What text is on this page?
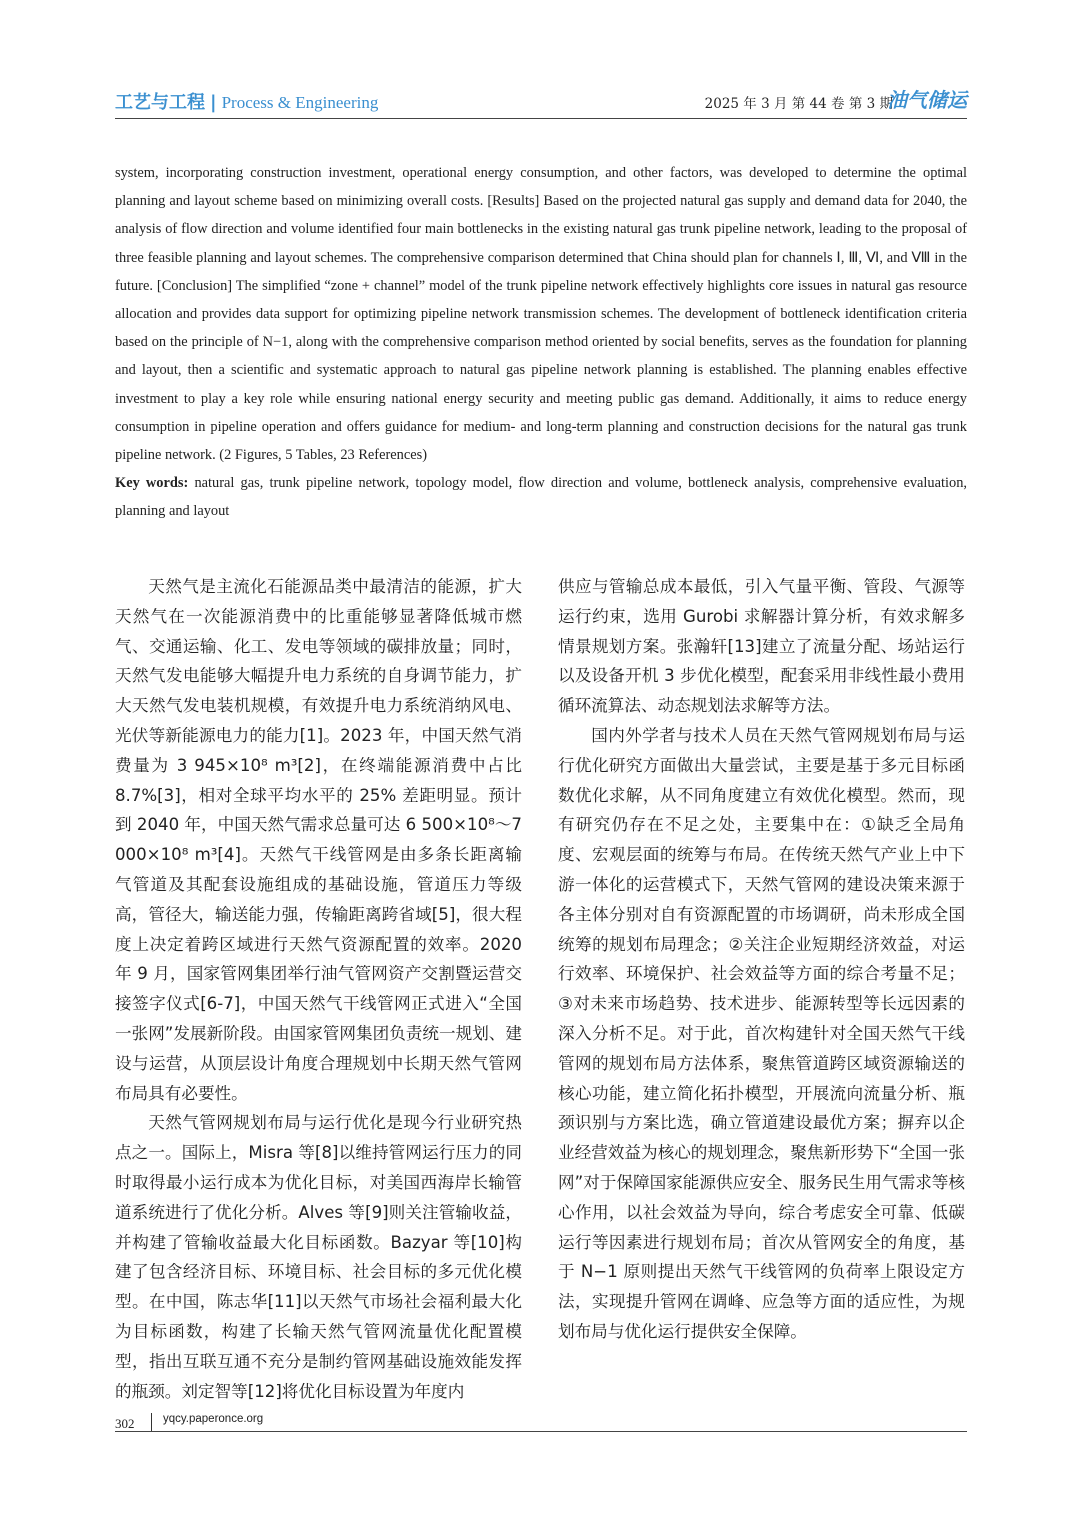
工艺与工程 | Process & Engineering	2025 年 3 月 第 44 卷 第 3 期
油气储运

system, incorporating construction investment, operational energy consumption, and other factors, was developed to determine the optimal planning and layout scheme based on minimizing overall costs. [Results] Based on the projected natural gas supply and demand data for 2040, the analysis of flow direction and volume identified four main bottlenecks in the existing natural gas trunk pipeline network, leading to the proposal of three feasible planning and layout schemes. The comprehensive comparison determined that China should plan for channels Ⅰ, Ⅲ, Ⅵ, and Ⅷ in the future. [Conclusion] The simplified “zone + channel” model of the trunk pipeline network effectively highlights core issues in natural gas resource allocation and provides data support for optimizing pipeline network transmission schemes. The development of bottleneck identification criteria based on the principle of N−1, along with the comprehensive comparison method oriented by social benefits, serves as the foundation for planning and layout, then a scientific and systematic approach to natural gas pipeline network planning is established. The planning enables effective investment to play a key role while ensuring national energy security and meeting public gas demand. Additionally, it aims to reduce energy consumption in pipeline operation and offers guidance for medium- and long-term planning and construction decisions for the natural gas trunk pipeline network. (2 Figures, 5 Tables, 23 References)

Key words: natural gas, trunk pipeline network, topology model, flow direction and volume, bottleneck analysis, comprehensive evaluation, planning and layout

天然气是主流化石能源品类中最清洁的能源，扩大天然气在一次能源消费中的比重能够显著降低城市燃气、交通运输、化工、发电等领域的碳排放量；同时，天然气发电能够大幅提升电力系统的自身调节能力，扩大天然气发电装机规模，有效提升电力系统消纳风电、光伏等新能源电力的能力[1]。2023 年，中国天然气消费量为 3 945×10⁸ m³[2]，在终端能源消费中占比 8.7%[3]，相对全球平均水平的 25% 差距明显。预计到 2040 年，中国天然气需求总量可达 6 500×10⁸～7 000×10⁸ m³[4]。天然气干线管网是由多条长距离输气管道及其配套设施组成的基础设施，管道压力等级高，管径大，输送能力强，传输距离跨省域[5]，很大程度上决定着跨区域进行天然气资源配置的效率。2020 年 9 月，国家管网集团举行油气管网资产交割暨运营交接签字仪式[6-7]，中国天然气干线管网正式进入“全国一张网”发展新阶段。由国家管网集团负责统一规划、建设与运营，从顶层设计角度合理规划中长期天然气管网布局具有必要性。

天然气管网规划布局与运行优化是现今行业研究热点之一。国际上，Misra 等[8]以维持管网运行压力的同时取得最小运行成本为优化目标，对美国西海岸长输管道系统进行了优化分析。Alves 等[9]则关注管输收益，并构建了管输收益最大化目标函数。Bazyar 等[10]构建了包含经济目标、环境目标、社会目标的多元优化模型。在中国，陈志华[11]以天然气市场社会福利最大化为目标函数，构建了长输天然气管网流量优化配置模型，指出互联互通不充分是制约管网基础设施效能发挥的瓶颈。刘定智等[12]将优化目标设置为年度内

供应与管输总成本最低，引入气量平衡、管段、气源等运行约束，选用 Gurobi 求解器计算分析，有效求解多情景规划方案。张瀚轩[13]建立了流量分配、场站运行以及设备开机 3 步优化模型，配套采用非线性最小费用循环流算法、动态规划法求解等方法。

国内外学者与技术人员在天然气管网规划布局与运行优化研究方面做出大量尝试，主要是基于多元目标函数优化求解，从不同角度建立有效优化模型。然而，现有研究仍存在不足之处，主要集中在：①缺乏全局角度、宏观层面的统筹与布局。在传统天然气产业上中下游一体化的运营模式下，天然气管网的建设决策来源于各主体分别对自有资源配置的市场调研，尚未形成全国统筹的规划布局理念；②关注企业短期经济效益，对运行效率、环境保护、社会效益等方面的综合考量不足；③对未来市场趋势、技术进步、能源转型等长远因素的深入分析不足。对于此，首次构建针对全国天然气干线管网的规划布局方法体系，聚焦管道跨区域资源输送的核心功能，建立简化拓扑模型，开展流向流量分析、瓶颈识别与方案比选，确立管道建设最优方案；摒弃以企业经营效益为核心的规划理念，聚焦新形势下“全国一张网”对于保障国家能源供应安全、服务民生用气需求等核心作用，以社会效益为导向，综合考虑安全可靠、低碳运行等因素进行规划布局；首次从管网安全的角度，基于 N−1 原则提出天然气干线管网的负荷率上限设定方法，实现提升管网在调峰、应急等方面的适应性，为规划布局与优化运行提供安全保障。

302	yqcy.paperonce.org
